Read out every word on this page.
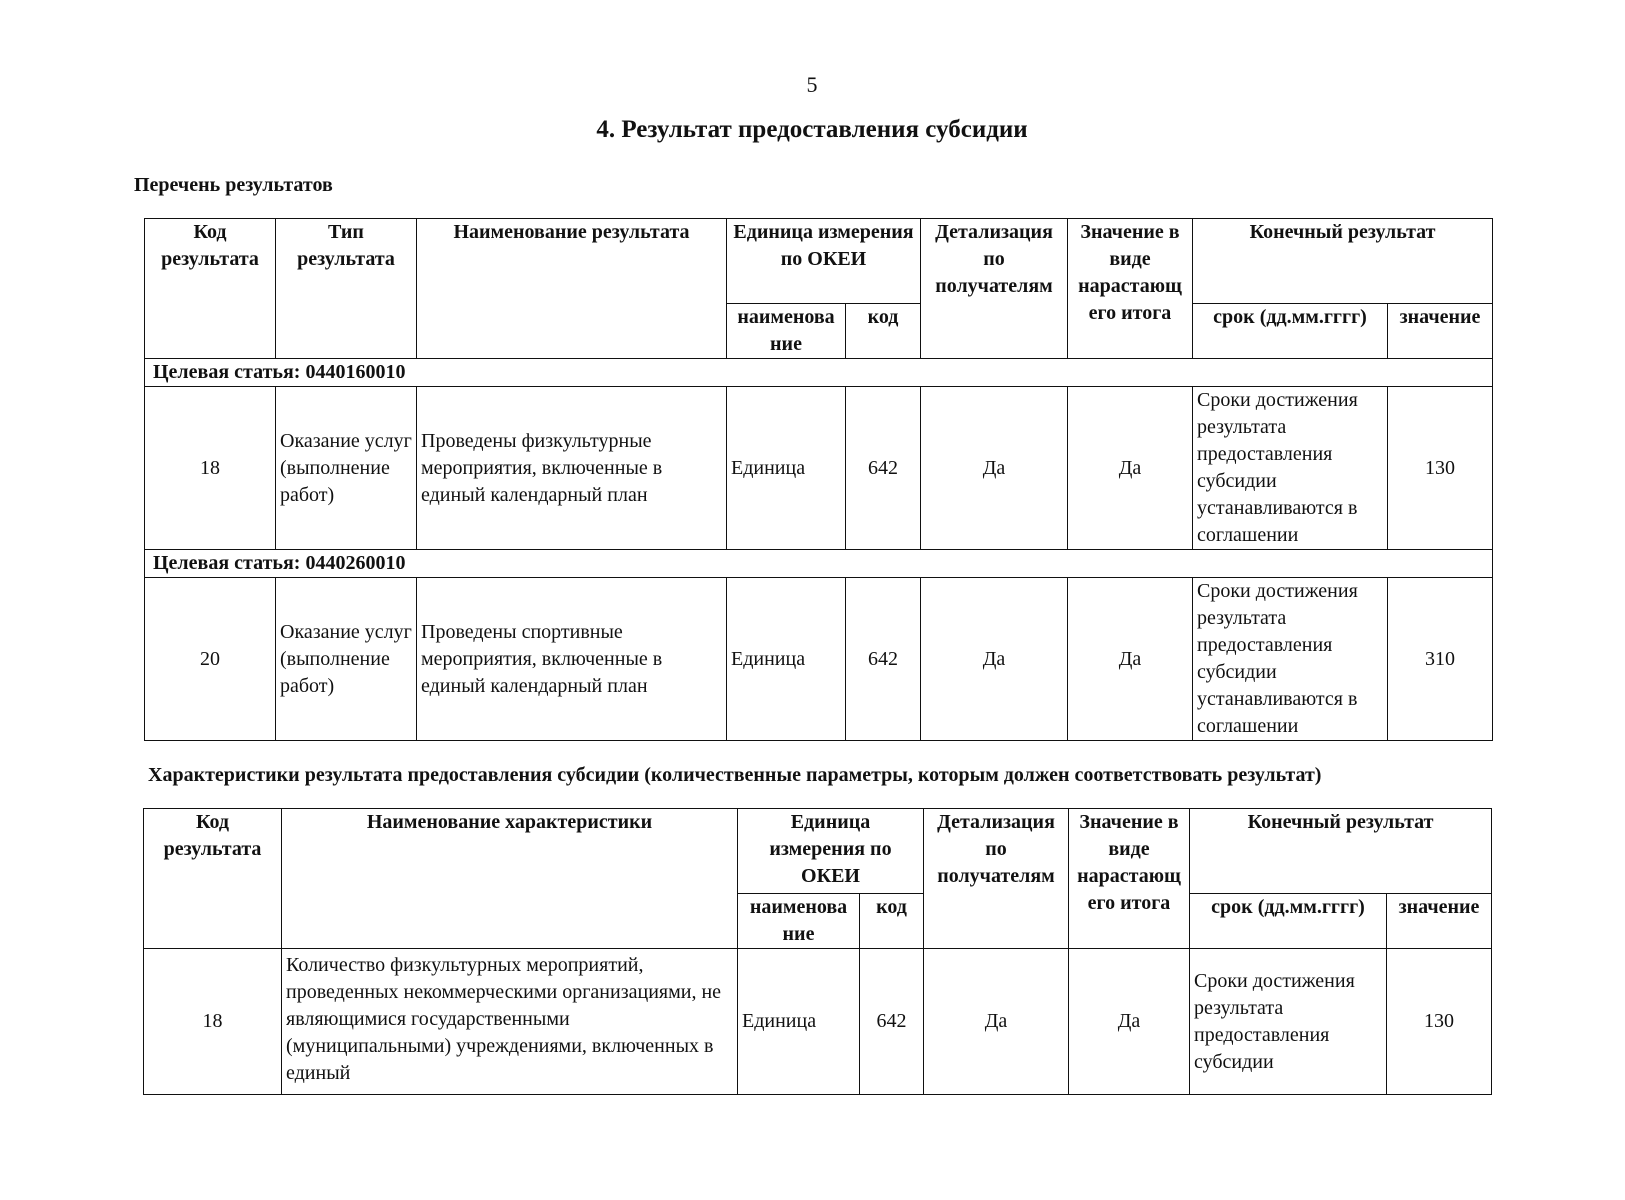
5
4. Результат предоставления субсидии
Перечень результатов
Код результата	Тип результата	Наименование результата	Единица измерения по ОКЕИ		Детализация по получателям	Значение в виде нарастающ его итога	Конечный результат	
			наименова ние	код			срок (дд.мм.гггг)	значение
Целевая статья: 0440160010								
18	Оказание услуг (выполнение работ)	Проведены физкультурные мероприятия, включенные в единый календарный план	Единица	642	Да	Да	Сроки достижения результата предоставления субсидии устанавливаются в соглашении	130
Целевая статья: 0440260010								
20	Оказание услуг (выполнение работ)	Проведены спортивные мероприятия, включенные в единый календарный план	Единица	642	Да	Да	Сроки достижения результата предоставления субсидии устанавливаются в соглашении	310
Характеристики результата предоставления субсидии (количественные параметры, которым должен соответствовать результат)
Код результата	Наименование характеристики	Единица измерения по ОКЕИ		Детализация по получателям	Значение в виде нарастающ его итога	Конечный результат	
		наименова ние	код			срок (дд.мм.гггг)	значение
18	Количество физкультурных мероприятий, проведенных некоммерческими организациями, не являющимися государственными (муниципальными) учреждениями, включенных в единый	Единица	642	Да	Да	Сроки достижения результата предоставления субсидии	130
